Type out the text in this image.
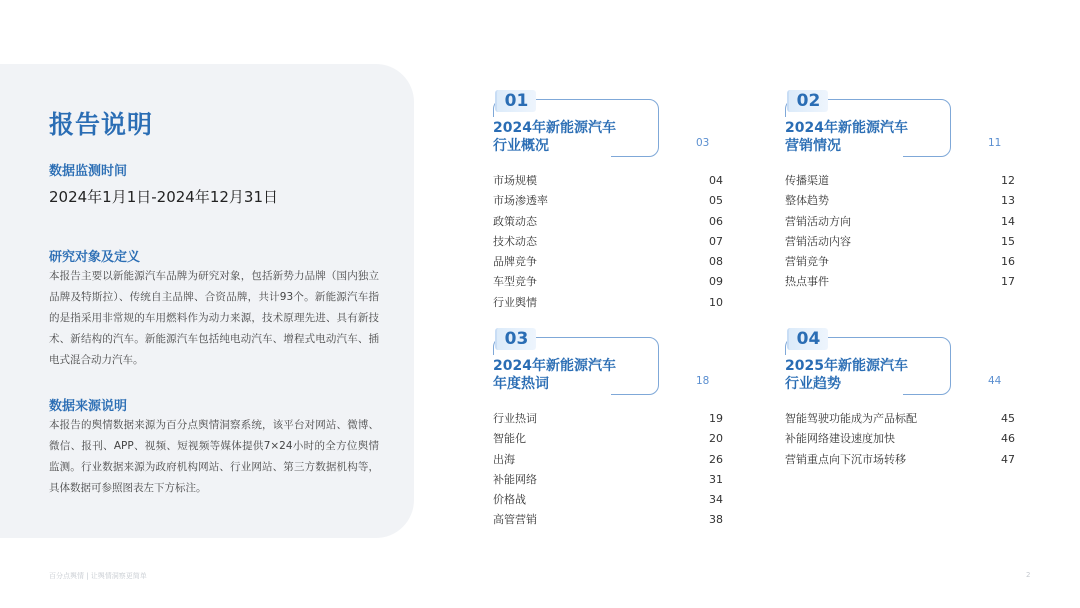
报告说明
数据监测时间
2024年1月1日-2024年12月31日
研究对象及定义
本报告主要以新能源汽车品牌为研究对象，包括新势力品牌（国内独立品牌及特斯拉）、传统自主品牌、合资品牌，共计93个。新能源汽车指的是指采用非常规的车用燃料作为动力来源，技术原理先进、具有新技术、新结构的汽车。新能源汽车包括纯电动汽车、增程式电动汽车、插电式混合动力汽车。
数据来源说明
本报告的舆情数据来源为百分点舆情洞察系统，该平台对网站、微博、微信、报刊、APP、视频、短视频等媒体提供7×24小时的全方位舆情监测。行业数据来源为政府机构网站、行业网站、第三方数据机构等，具体数据可参照图表左下方标注。
01
2024年新能源汽车
行业概况	03
市场规模	04
市场渗透率	05
政策动态	06
技术动态	07
品牌竞争	08
车型竞争	09
行业舆情	10
02
2024年新能源汽车
营销情况	11
传播渠道	12
整体趋势	13
营销活动方向	14
营销活动内容	15
营销竞争	16
热点事件	17
03
2024年新能源汽车
年度热词	18
行业热词	19
智能化	20
出海	26
补能网络	31
价格战	34
高管营销	38
04
2025年新能源汽车
行业趋势	44
智能驾驶功能成为产品标配	45
补能网络建设速度加快	46
营销重点向下沉市场转移	47
百分点舆情 | 让舆情洞察更简单	2
